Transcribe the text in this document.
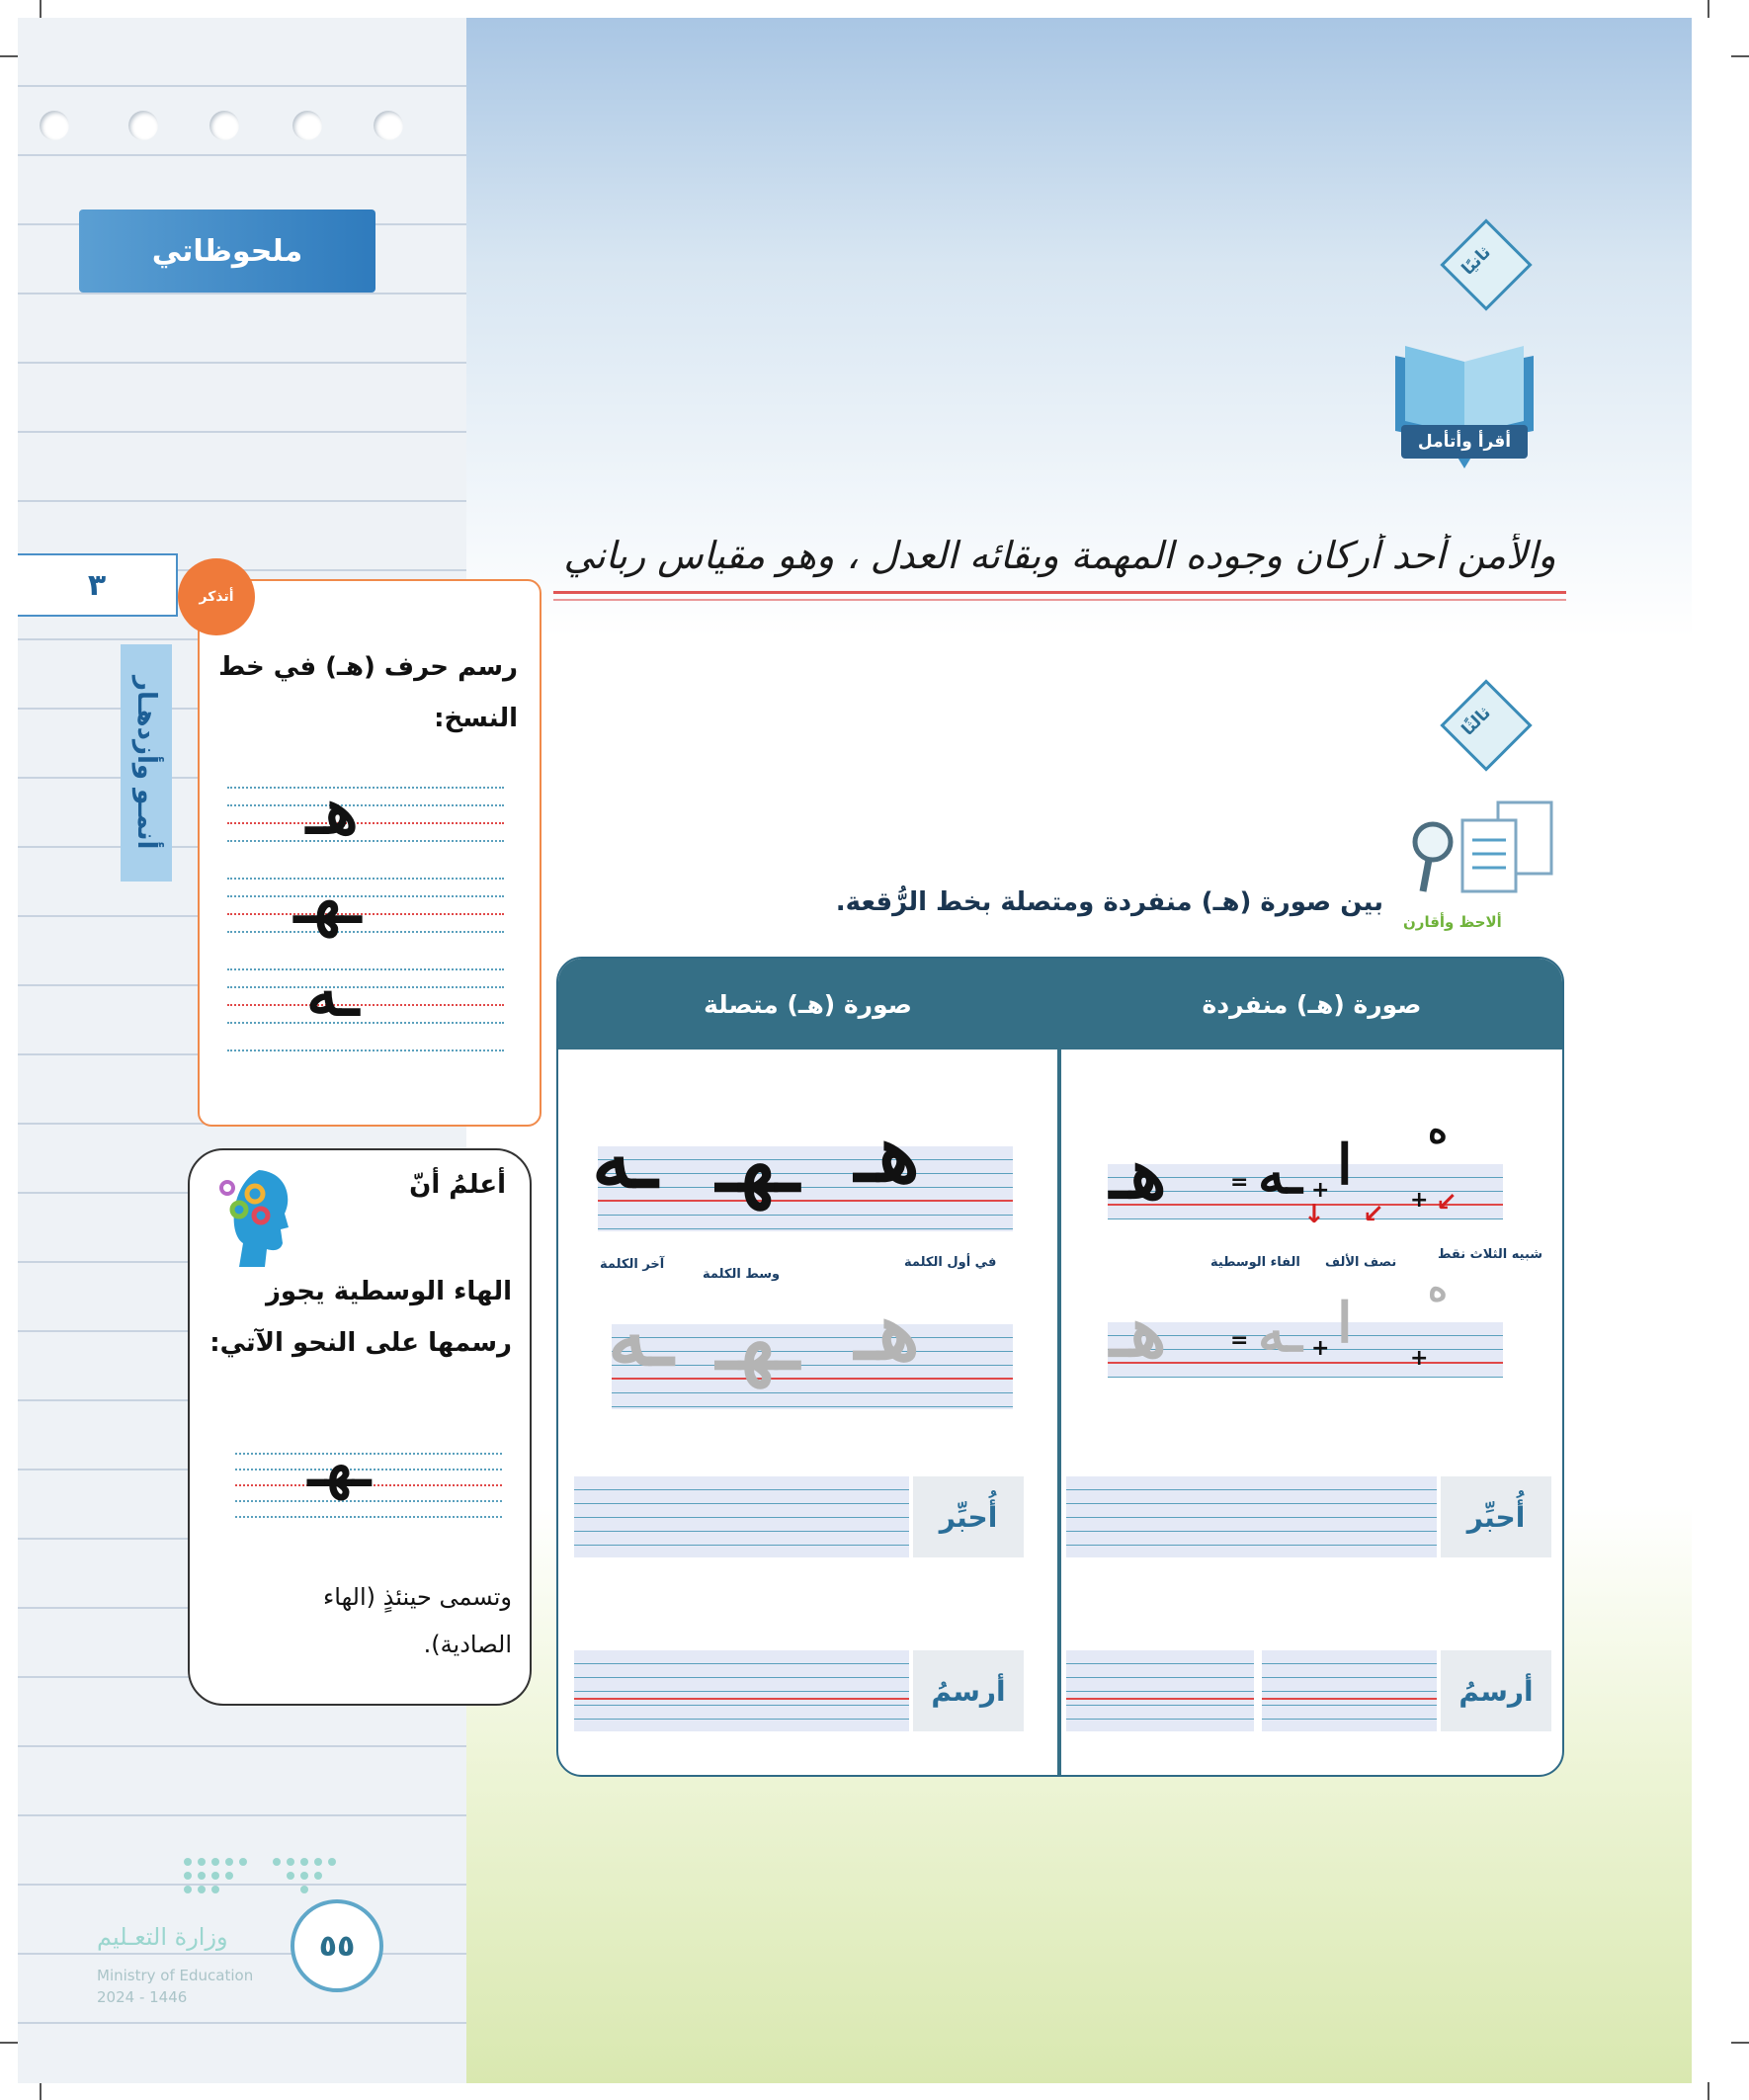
ملحوظاتي
٣
أنمـو وأزدهـار
رسم حرف (هـ) في خط
النسخ:
هـ
ـهـ
ـه
أتذكر
أعلمُ أنّ
الهاء الوسطية يجوز
رسمها على النحو الآتي:
ـهـ
وتسمى حينئذٍ (الهاء
الصادية).
ثانيًا
ثالثًا
أقرأ وأتأمل
والأمن أحد أركان وجوده المهمة وبقائه العدل ، وهو مقياس رباني
ألاحظ وأقارن
بين صورة (هـ) منفردة ومتصلة بخط الرُّقعة.
صورة (هـ) منفردة
صورة (هـ) متصلة
هـ	= ـه + ا
+
ه
↙
↙
↓
شبيه الثلاث نقط
نصف الألف
الفاء الوسطية
هـ	= ـه + ا
+
ه
هـ
ـهـ
ـه
في أول الكلمة
وسط الكلمة
آخر الكلمة
هـ
ـهـ
ـه
أُحبِّر
أُحبِّر
أرسمُ
أرسمُ
٥٥
وزارة التعـليم
Ministry of Education
2024 - 1446
